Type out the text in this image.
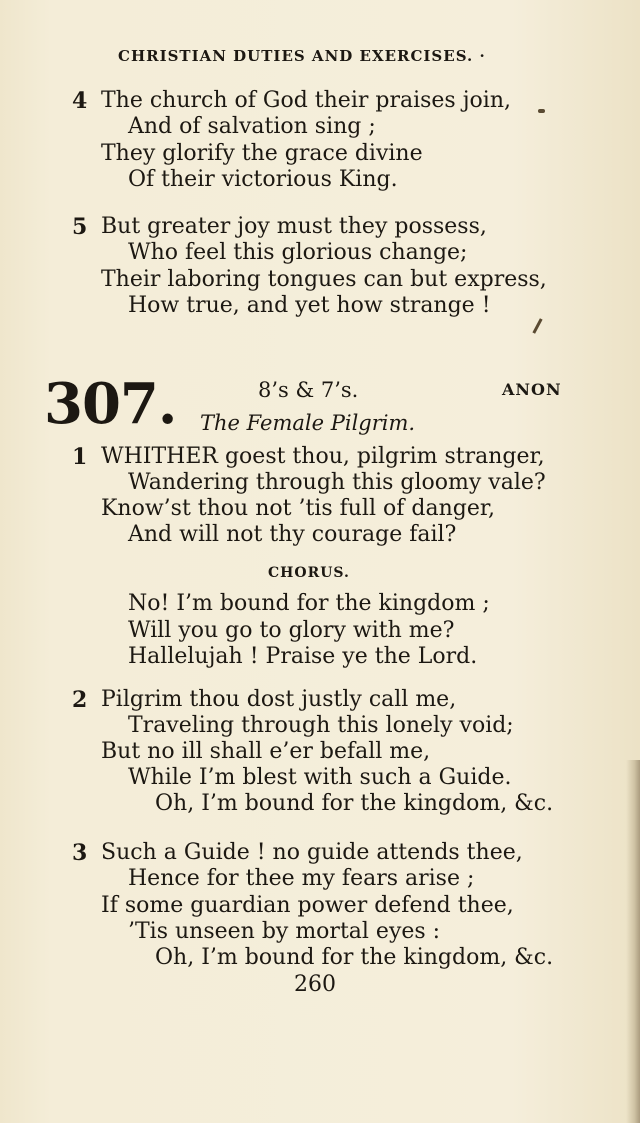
CHRISTIAN DUTIES AND EXERCISES. ·
4 The church of God their praises join,
And of salvation sing ;
They glorify the grace divine
Of their victorious King.
5 But greater joy must they possess,
Who feel this glorious change;
Their laboring tongues can but express,
How true, and yet how strange !
307.	8’s & 7’s.	ANON
The Female Pilgrim.
1 WHITHER goest thou, pilgrim stranger,
Wandering through this gloomy vale?
Know’st thou not ’tis full of danger,
And will not thy courage fail?
CHORUS.
No! I’m bound for the kingdom ;
Will you go to glory with me?
Hallelujah ! Praise ye the Lord.
2 Pilgrim thou dost justly call me,
Traveling through this lonely void;
But no ill shall e’er befall me,
While I’m blest with such a Guide.
Oh, I’m bound for the kingdom, &c.
3 Such a Guide ! no guide attends thee,
Hence for thee my fears arise ;
If some guardian power defend thee,
’Tis unseen by mortal eyes :
Oh, I’m bound for the kingdom, &c.
260
